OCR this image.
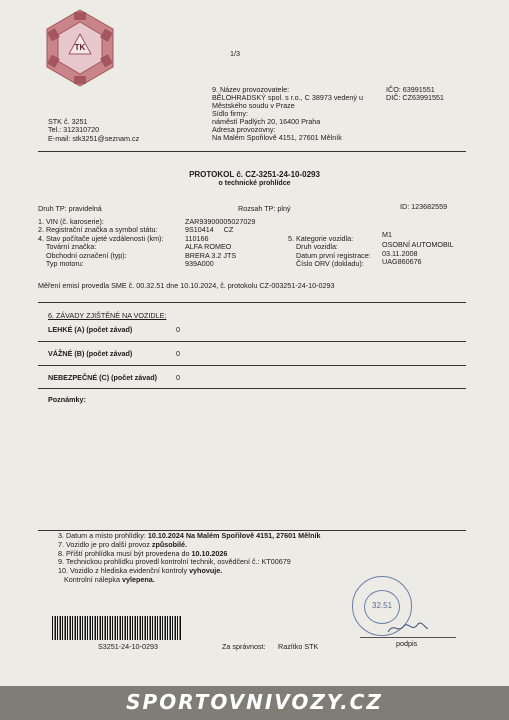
TK
1/3
9. Název provozovatele:
BĚLOHRADSKÝ spol. s r.o., C 38973 vedený u
Městského soudu v Praze
Sídlo firmy:
náměstí Padlých 20, 16400 Praha
Adresa provozovny:
Na Malém Spořilově 4151, 27601 Mělník
IČO: 63991551
DIČ: CZ63991551
STK č. 3251
Tel.: 312310720
E-mail: stk3251@seznam.cz
PROTOKOL č. CZ-3251-24-10-0293
o technické prohlídce
Druh TP: pravidelná	Rozsah TP: plný	ID: 123682559
1. VIN (č. karoserie):	ZAR93900005027029
2. Registrační značka a symbol státu:	9S10414     CZ
4. Stav počítače ujeté vzdálenosti (km):	110166
Tovární značka:	ALFA ROMEO
Obchodní označení (typ):	BRERA 3.2 JTS
Typ motoru:	939A000
5. Kategorie vozidla:	M1
Druh vozidla:	OSOBNÍ AUTOMOBIL
Datum první registrace: 03.11.2008
Číslo ORV (dokladu):	UAG860676
Měření emisí provedla SME č. 00.32.51 dne 10.10.2024, č. protokolu CZ-003251-24-10-0293
6. ZÁVADY ZJIŠTĚNÉ NA VOZIDLE:
LEHKÉ (A) (počet závad)	0
VÁŽNÉ (B) (počet závad)	0
NEBEZPEČNÉ (C) (počet závad)	0
Poznámky:
3. Datum a místo prohlídky: 10.10.2024 Na Malém Spořilově 4151, 27601 Mělník
7. Vozidlo je pro další provoz způsobilé.
8. Příští prohlídka musí být provedena do 10.10.2026
9. Technickou prohlídku provedl kontrolní technik, osvědčení č.: KT00679
10. Vozidlo z hlediska evidenční kontroly vyhovuje.
Kontrolní nálepka vylepena.
S3251-24-10-0293	Za správnost: Razítko STK
32.51
podpis
SPORTOVNIVOZY.CZ
